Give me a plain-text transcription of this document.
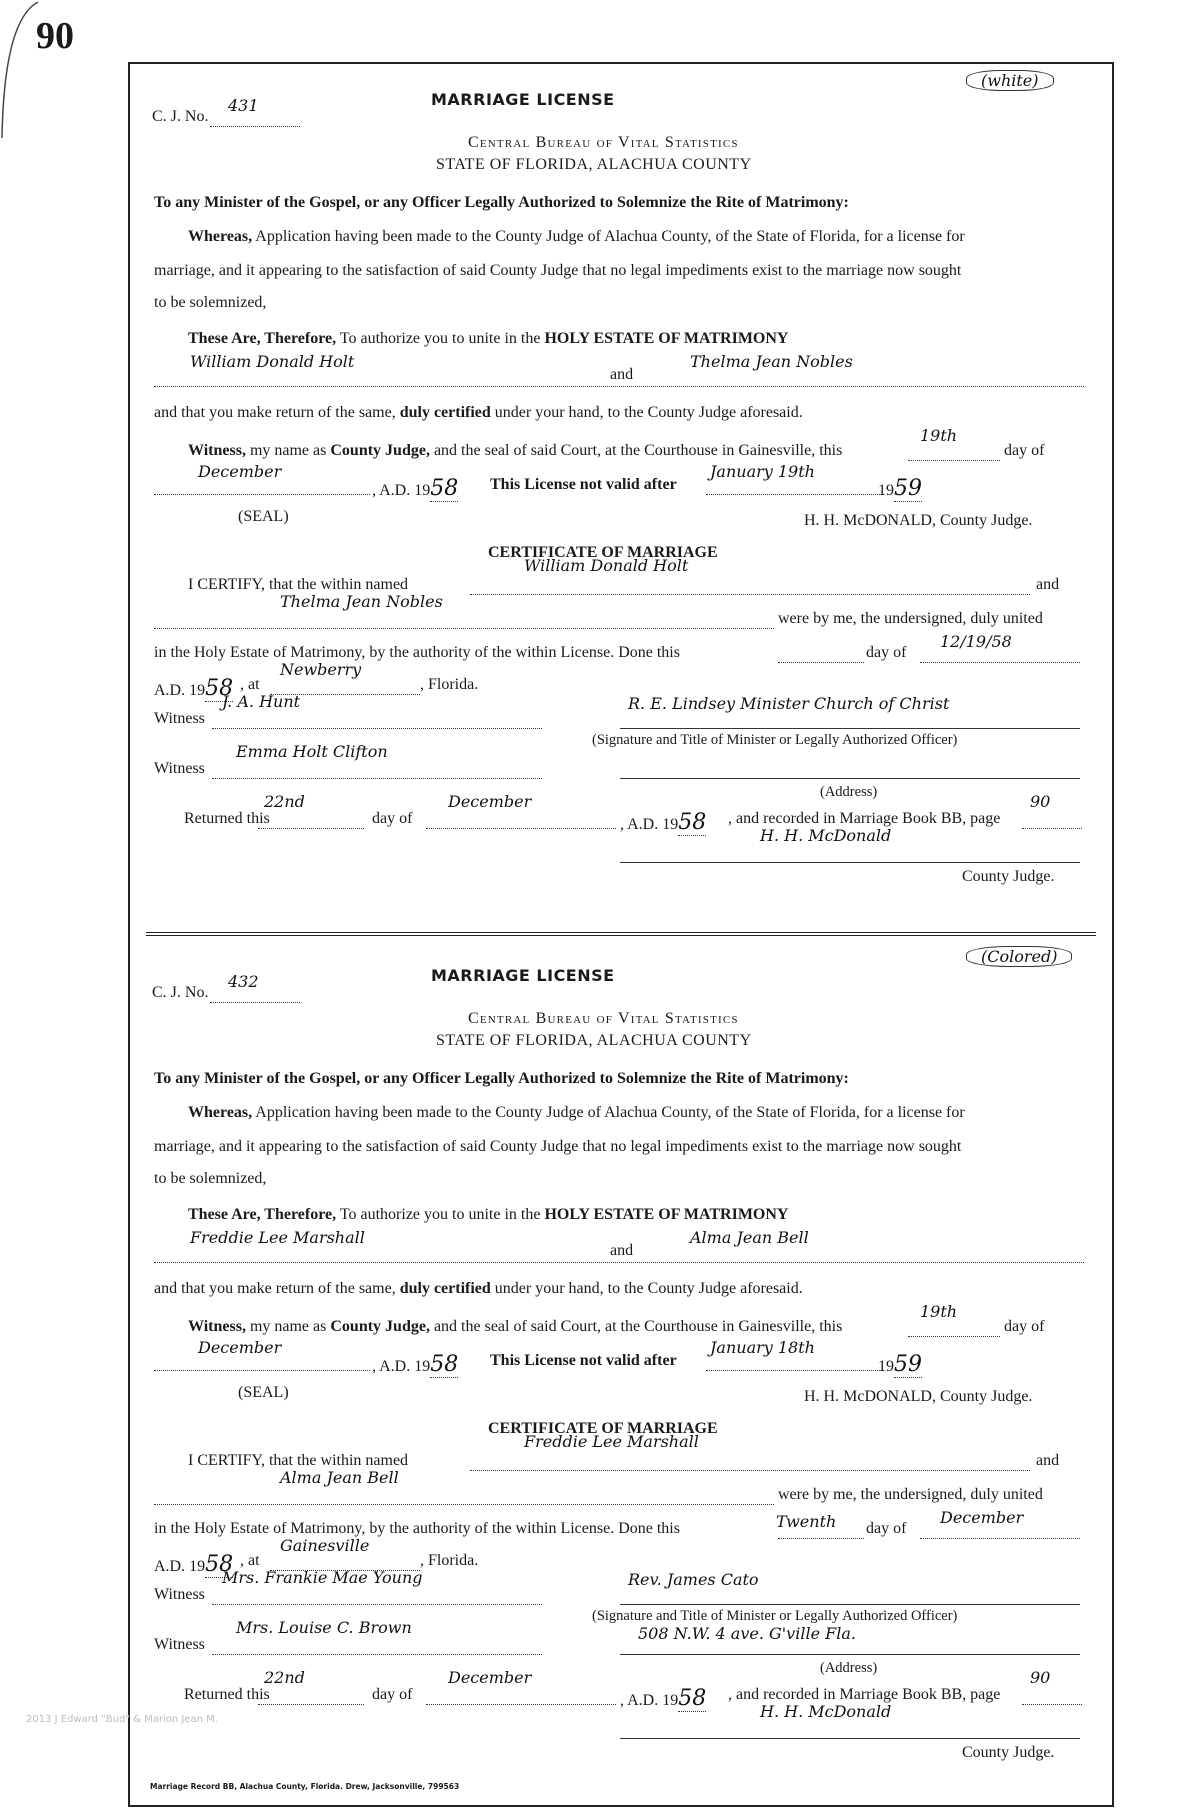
90
2013 J Edward "Bud" & Marion Jean M.
Marriage Record BB, Alachua County, Florida. Drew, Jacksonville, 799563
(white)
C. J. No.
431	MARRIAGE LICENSE
Central Bureau of Vital Statistics
STATE OF FLORIDA, ALACHUA COUNTY
To any Minister of the Gospel, or any Officer Legally Authorized to Solemnize the Rite of Matrimony:
Whereas, Application having been made to the County Judge of Alachua County, of the State of Florida, for a license for
marriage, and it appearing to the satisfaction of said County Judge that no legal impediments exist to the marriage now sought
to be solemnized,
These Are, Therefore, To authorize you to unite in the HOLY ESTATE OF MATRIMONY
William Donald Holt
and
Thelma Jean Nobles
and that you make return of the same, duly certified under your hand, to the County Judge aforesaid.
Witness, my name as County Judge, and the seal of said Court, at the Courthouse in Gainesville, this
19th
day of
December
, A.D. 1958 This License not valid after
January 19th
1959
(SEAL)	H. H. McDONALD, County Judge.
CERTIFICATE OF MARRIAGE
I CERTIFY, that the within named
William Donald Holt
and
Thelma Jean Nobles
were by me, the undersigned, duly united
in the Holy Estate of Matrimony, by the authority of the within License. Done this	day of
12/19/58
A.D. 1958 , at
Newberry
, Florida.
Witness
J. A. Hunt	R. E. Lindsey Minister Church of Christ
(Signature and Title of Minister or Legally Authorized Officer)
Witness
Emma Holt Clifton
(Address)
Returned this
22nd
day of
December
, A.D. 1958 , and recorded in Marriage Book BB, page
90
H. H. McDonald
County Judge.
(Colored)
C. J. No.
432	MARRIAGE LICENSE
Central Bureau of Vital Statistics
STATE OF FLORIDA, ALACHUA COUNTY
To any Minister of the Gospel, or any Officer Legally Authorized to Solemnize the Rite of Matrimony:
Whereas, Application having been made to the County Judge of Alachua County, of the State of Florida, for a license for
marriage, and it appearing to the satisfaction of said County Judge that no legal impediments exist to the marriage now sought
to be solemnized,
These Are, Therefore, To authorize you to unite in the HOLY ESTATE OF MATRIMONY
Freddie Lee Marshall
and
Alma Jean Bell
and that you make return of the same, duly certified under your hand, to the County Judge aforesaid.
Witness, my name as County Judge, and the seal of said Court, at the Courthouse in Gainesville, this
19th
day of
December
, A.D. 1958 This License not valid after
January 18th
1959
(SEAL)	H. H. McDONALD, County Judge.
CERTIFICATE OF MARRIAGE
I CERTIFY, that the within named
Freddie Lee Marshall
and
Alma Jean Bell
were by me, the undersigned, duly united
in the Holy Estate of Matrimony, by the authority of the within License. Done this	Twenth day of
December
A.D. 1958 , at
Gainesville
, Florida.
Witness
Mrs. Frankie Mae Young	Rev. James Cato
(Signature and Title of Minister or Legally Authorized Officer)
Witness
Mrs. Louise C. Brown	508 N.W. 4 ave. G'ville Fla.
(Address)
Returned this
22nd
day of
December
, A.D. 1958 , and recorded in Marriage Book BB, page
90
H. H. McDonald
County Judge.
